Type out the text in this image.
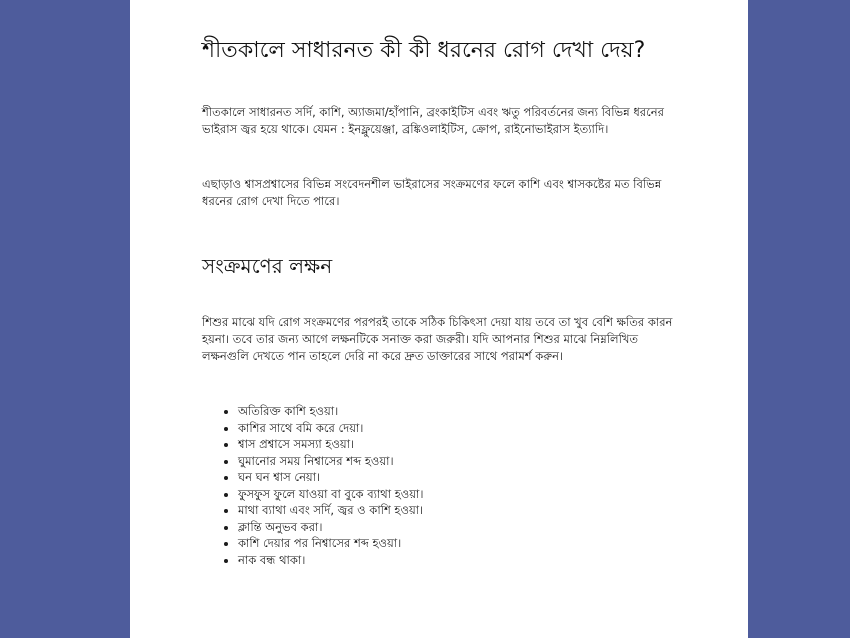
শীতকালে সাধারনত কী কী ধরনের রোগ দেখা দেয়?

শীতকালে সাধারনত সর্দি, কাশি, অ্যাজমা/হাঁপানি, ব্রংকাইটিস এবং ঋতু পরিবর্তনের জন্য বিভিন্ন ধরনের ভাইরাস জ্বর হয়ে থাকে। যেমন : ইনফ্লুয়েঞ্জা, ব্রঙ্কিওলাইটিস, ক্রোপ, রাইনোভাইরাস ইত্যাদি।

এছাড়াও শ্বাসপ্রশ্বাসের বিভিন্ন সংবেদনশীল ভাইরাসের সংক্রমণের ফলে কাশি এবং শ্বাসকষ্টের মত বিভিন্ন ধরনের রোগ দেখা দিতে পারে।

সংক্রমণের লক্ষন

শিশুর মাঝে যদি রোগ সংক্রমণের পরপরই তাকে সঠিক চিকিৎসা দেয়া যায় তবে তা খুব বেশি ক্ষতির কারন হয়না। তবে তার জন্য আগে লক্ষনটিকে সনাক্ত করা জরুরী। যদি আপনার শিশুর মাঝে নিম্নলিখিত লক্ষনগুলি দেখতে পান তাহলে দেরি না করে দ্রুত ডাক্তারের সাথে পরামর্শ করুন।

• অতিরিক্ত কাশি হওয়া।
• কাশির সাথে বমি করে দেয়া।
• শ্বাস প্রশ্বাসে সমস্যা হওয়া।
• ঘুমানোর সময় নিশ্বাসের শব্দ হওয়া।
• ঘন ঘন শ্বাস নেয়া।
• ফুসফুস ফুলে যাওয়া বা বুকে ব্যাথা হওয়া।
• মাথা ব্যাথা এবং সর্দি, জ্বর ও কাশি হওয়া।
• ক্লান্তি অনুভব করা।
• কাশি দেয়ার পর নিশ্বাসের শব্দ হওয়া।
• নাক বন্ধ থাকা।
